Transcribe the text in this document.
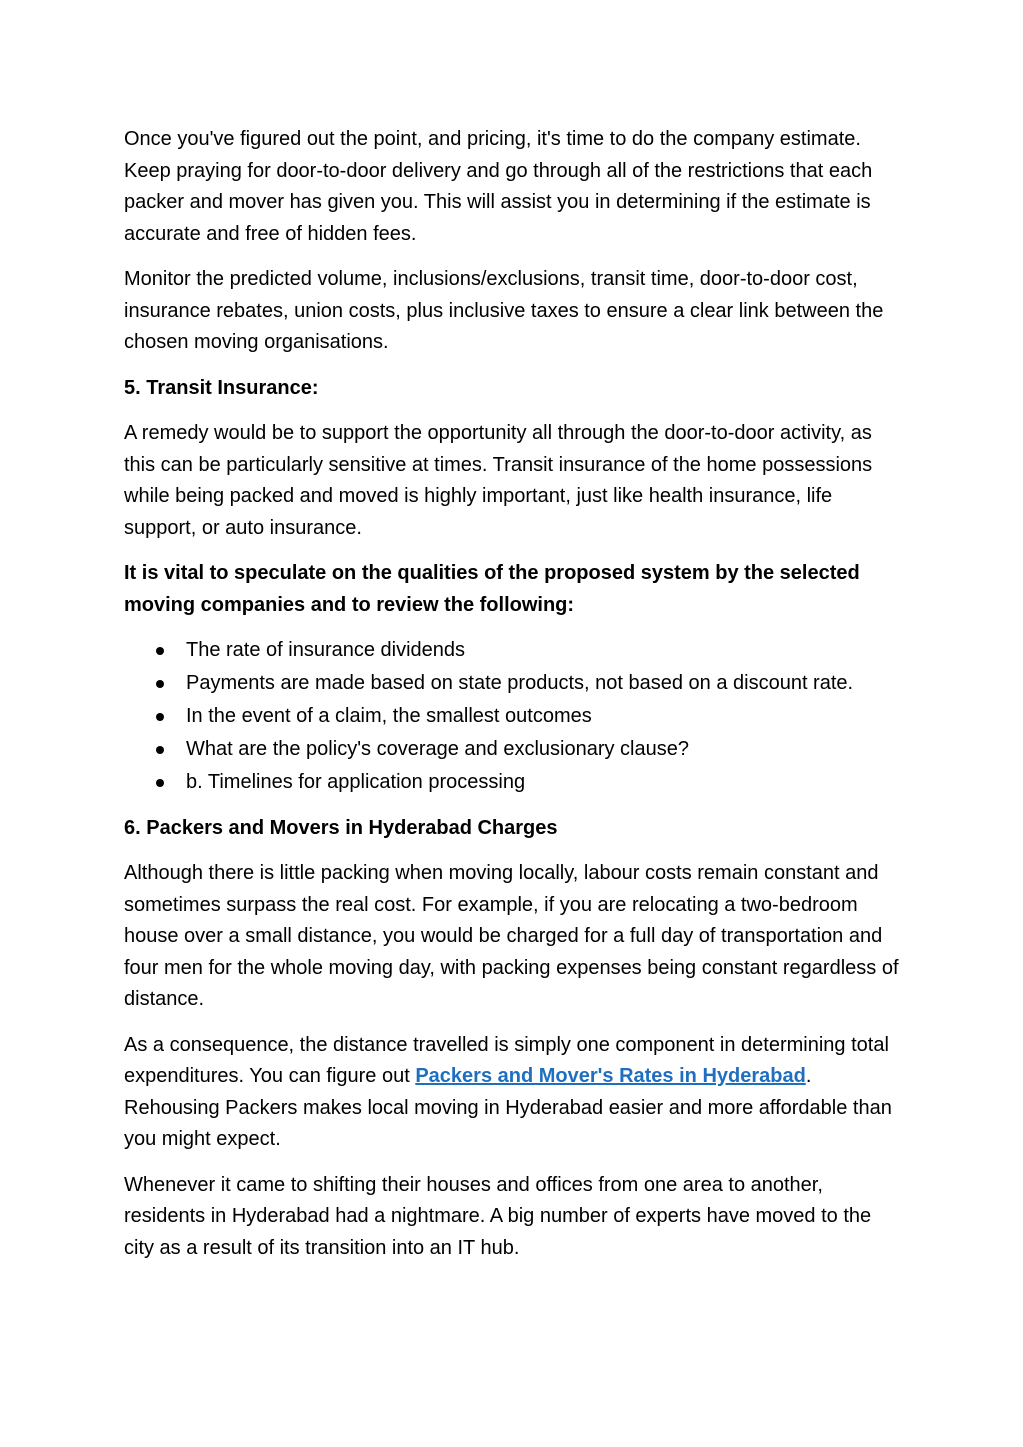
Once you've figured out the point, and pricing, it's time to do the company estimate. Keep praying for door-to-door delivery and go through all of the restrictions that each packer and mover has given you. This will assist you in determining if the estimate is accurate and free of hidden fees.

Monitor the predicted volume, inclusions/exclusions, transit time, door-to-door cost, insurance rebates, union costs, plus inclusive taxes to ensure a clear link between the chosen moving organisations.

5. Transit Insurance:

A remedy would be to support the opportunity all through the door-to-door activity, as this can be particularly sensitive at times. Transit insurance of the home possessions while being packed and moved is highly important, just like health insurance, life support, or auto insurance.

It is vital to speculate on the qualities of the proposed system by the selected moving companies and to review the following:

The rate of insurance dividends
Payments are made based on state products, not based on a discount rate.
In the event of a claim, the smallest outcomes
What are the policy's coverage and exclusionary clause?
b. Timelines for application processing

6. Packers and Movers in Hyderabad Charges

Although there is little packing when moving locally, labour costs remain constant and sometimes surpass the real cost. For example, if you are relocating a two-bedroom house over a small distance, you would be charged for a full day of transportation and four men for the whole moving day, with packing expenses being constant regardless of distance.

As a consequence, the distance travelled is simply one component in determining total expenditures. You can figure out Packers and Mover's Rates in Hyderabad. Rehousing Packers makes local moving in Hyderabad easier and more affordable than you might expect.

Whenever it came to shifting their houses and offices from one area to another, residents in Hyderabad had a nightmare. A big number of experts have moved to the city as a result of its transition into an IT hub.
